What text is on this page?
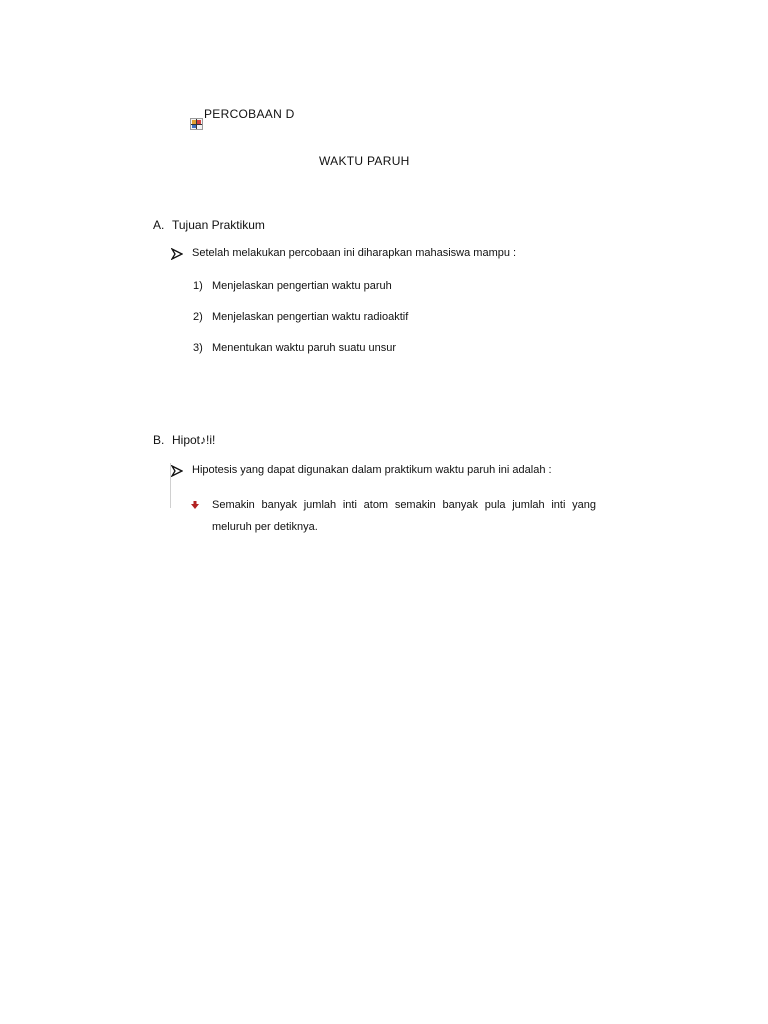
PERCOBAAN D
WAKTU PARUH
A. Tujuan Praktikum
Setelah melakukan percobaan ini diharapkan mahasiswa mampu :
1) Menjelaskan pengertian waktu paruh
2) Menjelaskan pengertian waktu radioaktif
3) Menentukan waktu paruh suatu unsur
B. Hipot♪!i!
Hipotesis yang dapat digunakan dalam praktikum waktu paruh ini adalah :
Semakin banyak jumlah inti atom semakin banyak pula jumlah inti yang meluruh per detiknya.
